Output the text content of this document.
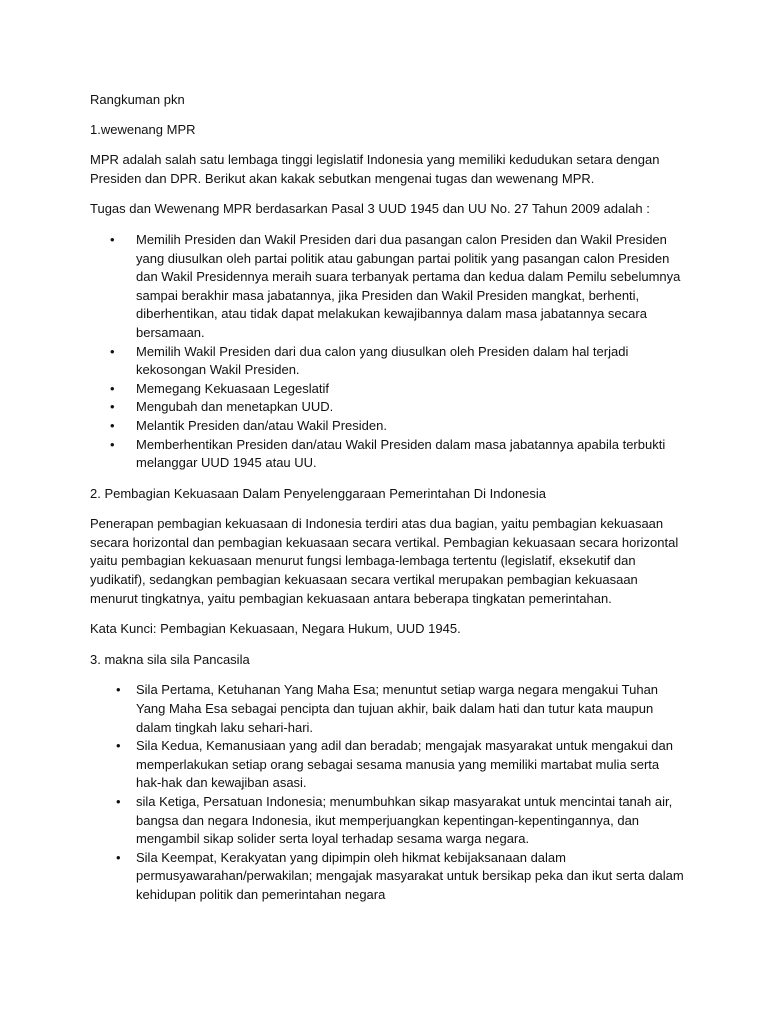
Rangkuman pkn

1.wewenang MPR

MPR adalah salah satu lembaga tinggi legislatif Indonesia yang memiliki kedudukan setara dengan Presiden dan DPR. Berikut akan kakak sebutkan mengenai tugas dan wewenang MPR.

Tugas dan Wewenang MPR berdasarkan Pasal 3 UUD 1945 dan UU No. 27 Tahun 2009 adalah :

• Memilih Presiden dan Wakil Presiden dari dua pasangan calon Presiden dan Wakil Presiden yang diusulkan oleh partai politik atau gabungan partai politik yang pasangan calon Presiden dan Wakil Presidennya meraih suara terbanyak pertama dan kedua dalam Pemilu sebelumnya sampai berakhir masa jabatannya, jika Presiden dan Wakil Presiden mangkat, berhenti, diberhentikan, atau tidak dapat melakukan kewajibannya dalam masa jabatannya secara bersamaan.
• Memilih Wakil Presiden dari dua calon yang diusulkan oleh Presiden dalam hal terjadi kekosongan Wakil Presiden.
• Memegang Kekuasaan Legeslatif
• Mengubah dan menetapkan UUD.
• Melantik Presiden dan/atau Wakil Presiden.
• Memberhentikan Presiden dan/atau Wakil Presiden dalam masa jabatannya apabila terbukti melanggar UUD 1945 atau UU.

2. Pembagian Kekuasaan Dalam Penyelenggaraan Pemerintahan Di Indonesia

Penerapan pembagian kekuasaan di Indonesia terdiri atas dua bagian, yaitu pembagian kekuasaan secara horizontal dan pembagian kekuasaan secara vertikal. Pembagian kekuasaan secara horizontal yaitu pembagian kekuasaan menurut fungsi lembaga-lembaga tertentu (legislatif, eksekutif dan yudikatif), sedangkan pembagian kekuasaan secara vertikal merupakan pembagian kekuasaan menurut tingkatnya, yaitu pembagian kekuasaan antara beberapa tingkatan pemerintahan.

Kata Kunci: Pembagian Kekuasaan, Negara Hukum, UUD 1945.

3. makna sila sila Pancasila

• Sila Pertama, Ketuhanan Yang Maha Esa; menuntut setiap warga negara mengakui Tuhan Yang Maha Esa sebagai pencipta dan tujuan akhir, baik dalam hati dan tutur kata maupun dalam tingkah laku sehari-hari.
• Sila Kedua, Kemanusiaan yang adil dan beradab; mengajak masyarakat untuk mengakui dan memperlakukan setiap orang sebagai sesama manusia yang memiliki martabat mulia serta hak-hak dan kewajiban asasi.
• sila Ketiga, Persatuan Indonesia; menumbuhkan sikap masyarakat untuk mencintai tanah air, bangsa dan negara Indonesia, ikut memperjuangkan kepentingan-kepentingannya, dan mengambil sikap solider serta loyal terhadap sesama warga negara.
• Sila Keempat, Kerakyatan yang dipimpin oleh hikmat kebijaksanaan dalam permusyawarahan/perwakilan; mengajak masyarakat untuk bersikap peka dan ikut serta dalam kehidupan politik dan pemerintahan negara
